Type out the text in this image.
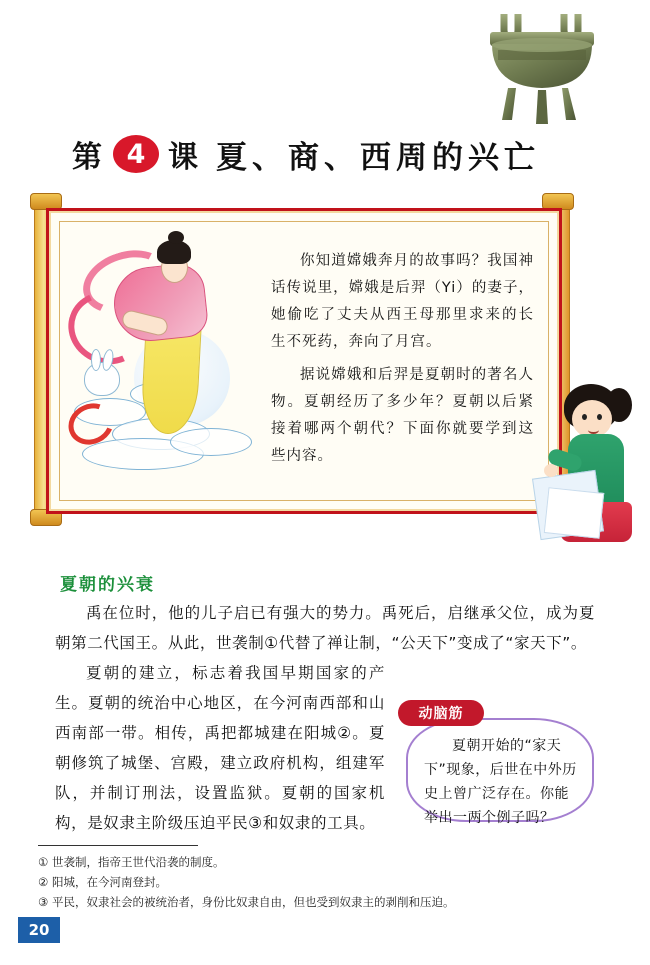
第 4 课 夏、商、西周的兴亡

你知道嫦娥奔月的故事吗？我国神话传说里，嫦娥是后羿（Yi）的妻子，她偷吃了丈夫从西王母那里求来的长生不死药，奔向了月宫。

据说嫦娥和后羿是夏朝时的著名人物。夏朝经历了多少年？夏朝以后紧接着哪两个朝代？下面你就要学到这些内容。

夏朝的兴衰

禹在位时，他的儿子启已有强大的势力。禹死后，启继承父位，成为夏朝第二代国王。从此，世袭制①代替了禅让制，“公天下”变成了“家天下”。

夏朝的建立，标志着我国早期国家的产生。夏朝的统治中心地区，在今河南西部和山西南部一带。相传，禹把都城建在阳城②。夏朝修筑了城堡、宫殿，建立政府机构，组建军队，并制订刑法，设置监狱。夏朝的国家机构，是奴隶主阶级压迫平民③和奴隶的工具。

夏朝开始的“家天下”现象，后世在中外历史上曾广泛存在。你能举出一两个例子吗？

动脑筋
① 世袭制，指帝王世代沿袭的制度。
② 阳城，在今河南登封。
③ 平民，奴隶社会的被统治者，身份比奴隶自由，但也受到奴隶主的剥削和压迫。
20
